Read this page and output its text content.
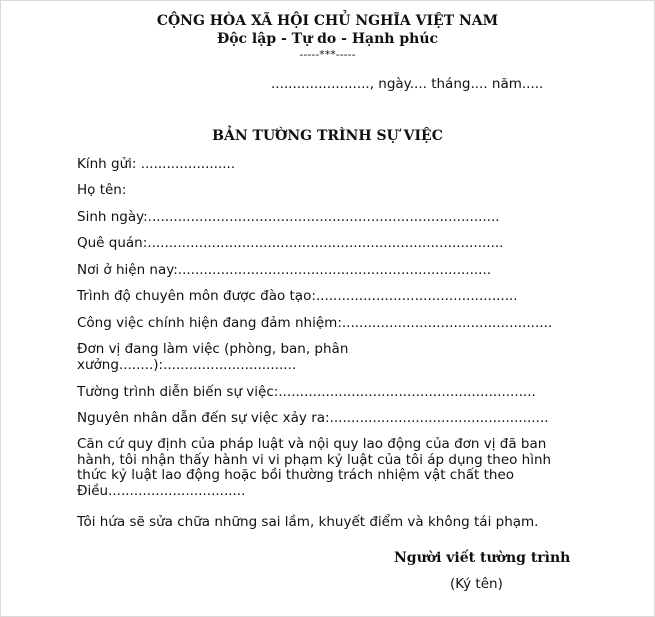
CỘNG HÒA XÃ HỘI CHỦ NGHĨA VIỆT NAM
Độc lập - Tự do - Hạnh phúc
-----***-----
......................., ngày.... tháng.... năm.....
BẢN TƯỜNG TRÌNH SỰ VIỆC
Kính gửi: ......................
Họ tên:
Sinh ngày:..................................................................................
Quê quán:...................................................................................
Nơi ở hiện nay:.........................................................................
Trình độ chuyên môn được đào tạo:...............................................
Công việc chính hiện đang đảm nhiệm:.................................................
Đơn vị đang làm việc (phòng, ban, phân
xưởng........):...............................
Tường trình diễn biến sự việc:............................................................
Nguyên nhân dẫn đến sự việc xảy ra:...................................................
Căn cứ quy định của pháp luật và nội quy lao động của đơn vị đã ban
hành, tôi nhận thấy hành vi vi phạm kỷ luật của tôi áp dụng theo hình
thức kỷ luật lao động hoặc bồi thường trách nhiệm vật chất theo
Điều................................
Tôi hứa sẽ sửa chữa những sai lầm, khuyết điểm và không tái phạm.
Người viết tường trình
(Ký tên)
